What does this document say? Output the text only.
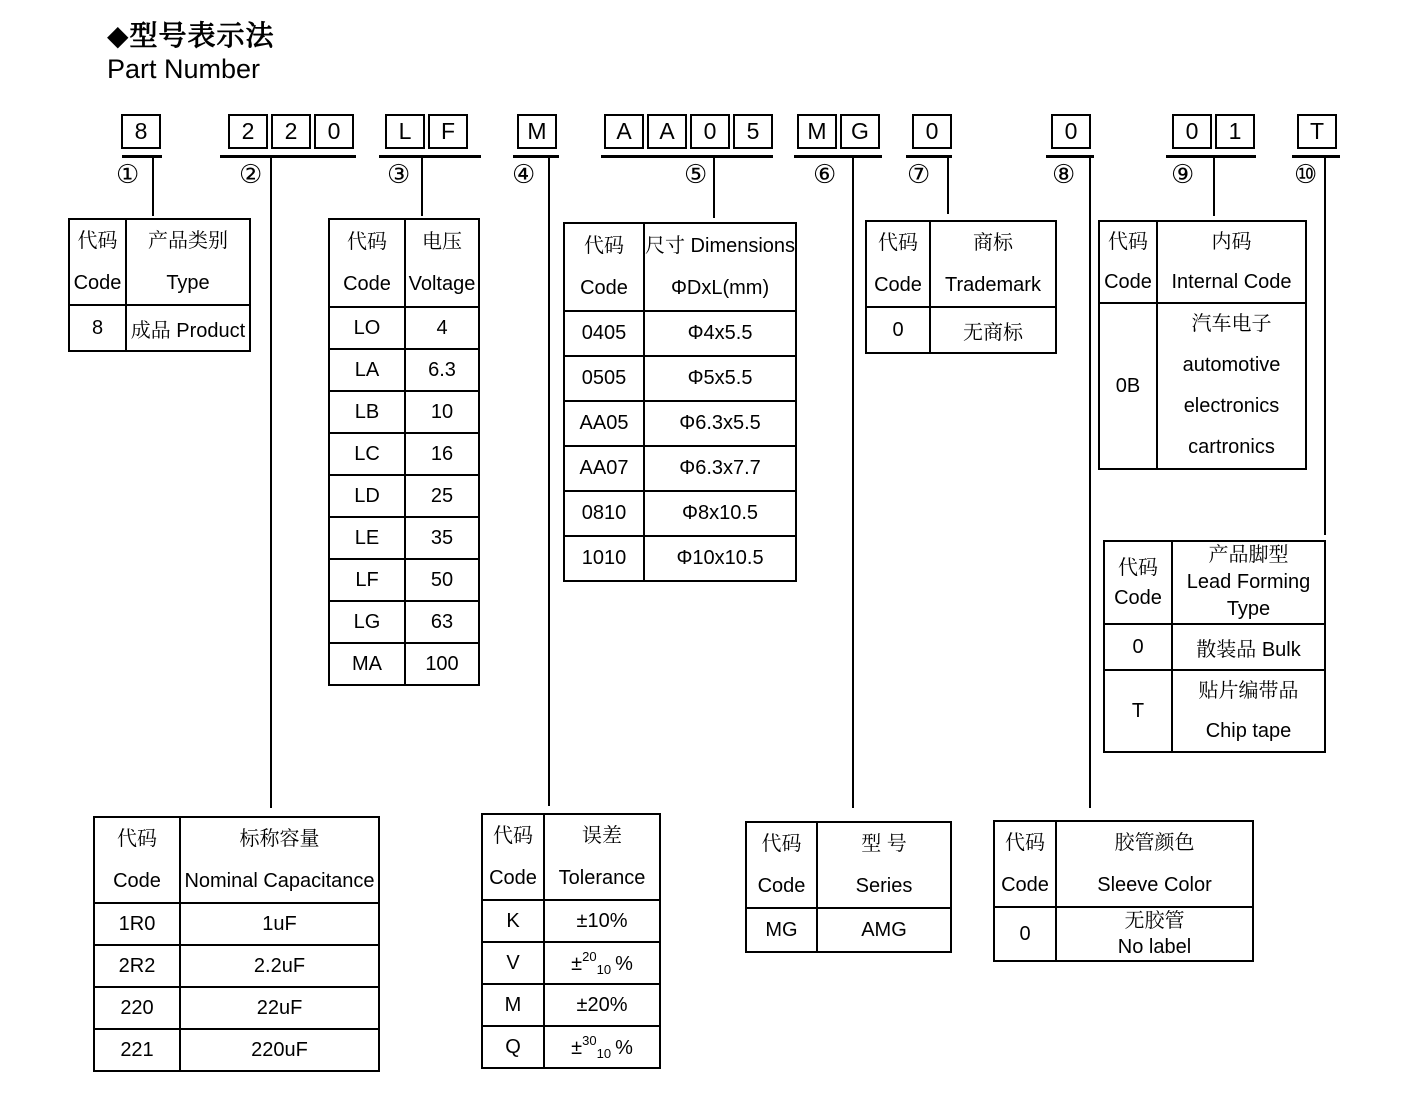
◆型号表示法
Part Number
8	2	2	0	L	F	M	A	A	0	5	M	G	0	0	0	1	T
①	②	③	④	⑤	⑥	⑦	⑧	⑨	⑩
代码
Code

产品类别
Type

8	成品 Product
代码
Code

电压
Voltage

LO	4
LA	6.3
LB	10
LC	16
LD	25
LE	35
LF	50
LG	63
MA	100
代码
Code

尺寸 Dimensions
ΦDxL(mm)

0405	Φ4x5.5
0505	Φ5x5.5
AA05	Φ6.3x5.5
AA07	Φ6.3x7.7
0810	Φ8x10.5
1010	Φ10x10.5
代码
Code

商标
Trademark

0	无商标
代码
Code

内码
Internal Code

0B	汽车电子
automotive
electronics
cartronics
代码
Code

产品脚型
Lead Forming
Type

0	散装品 Bulk
T	贴片编带品
Chip tape
代码
Code

标称容量
Nominal Capacitance

1R0	1uF
2R2	2.2uF
220	22uF
221	220uF
代码
Code

误差
Tolerance

K	±10%
V	±$^{20}_{10}$ %
M	±20%
Q	±$^{30}_{10}$ %
代码
Code

型 号
Series

MG	AMG
代码
Code

胶管颜色
Sleeve Color

0	无胶管
No label
